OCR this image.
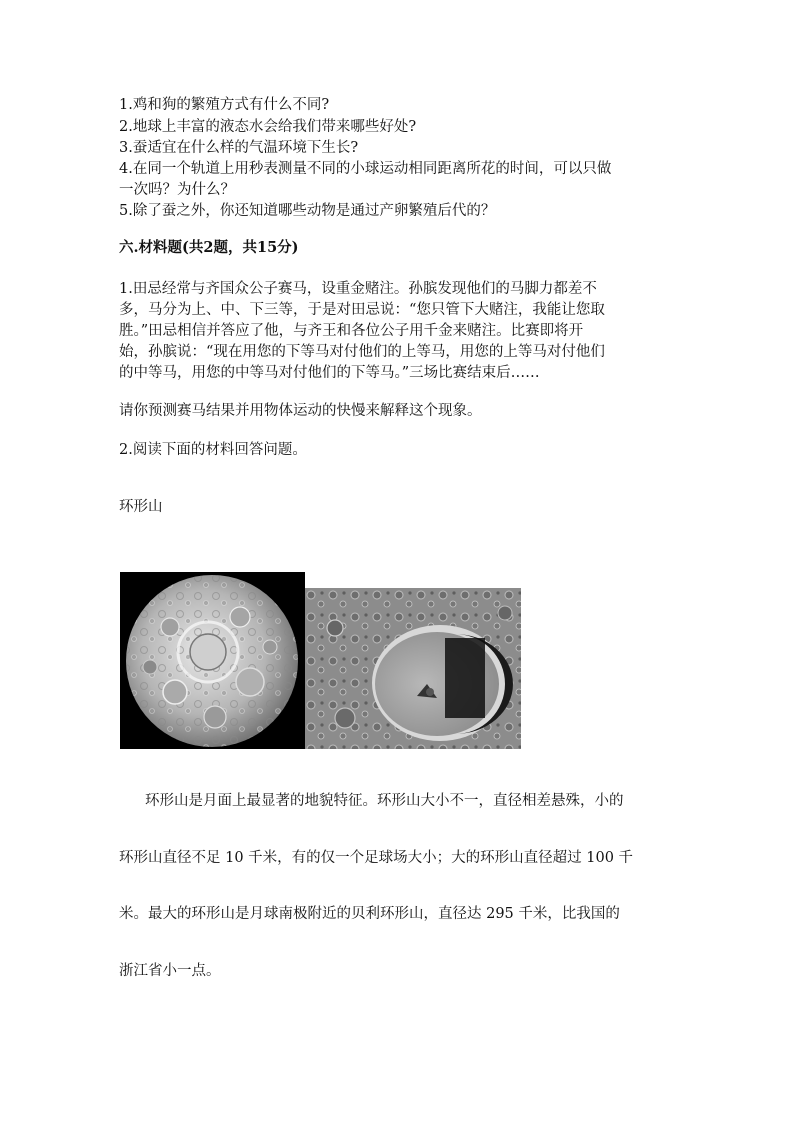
1.鸡和狗的繁殖方式有什么不同?
2.地球上丰富的液态水会给我们带来哪些好处?
3.蚕适宜在什么样的气温环境下生长?
4.在同一个轨道上用秒表测量不同的小球运动相同距离所花的时间，可以只做
一次吗？为什么？
5.除了蚕之外，你还知道哪些动物是通过产卵繁殖后代的？
六.材料题(共2题，共15分)
1.田忌经常与齐国众公子赛马，设重金赌注。孙膑发现他们的马脚力都差不
多，马分为上、中、下三等，于是对田忌说：“您只管下大赌注，我能让您取
胜。”田忌相信并答应了他，与齐王和各位公子用千金来赌注。比赛即将开
始，孙膑说：“现在用您的下等马对付他们的上等马，用您的上等马对付他们
的中等马，用您的中等马对付他们的下等马。”三场比赛结束后……
请你预测赛马结果并用物体运动的快慢来解释这个现象。
2.阅读下面的材料回答问题。
环形山
环形山是月面上最显著的地貌特征。环形山大小不一，直径相差悬殊，小的
环形山直径不足 10 千米，有的仅一个足球场大小；大的环形山直径超过 100 千
米。最大的环形山是月球南极附近的贝利环形山，直径达 295 千米，比我国的
浙江省小一点。
